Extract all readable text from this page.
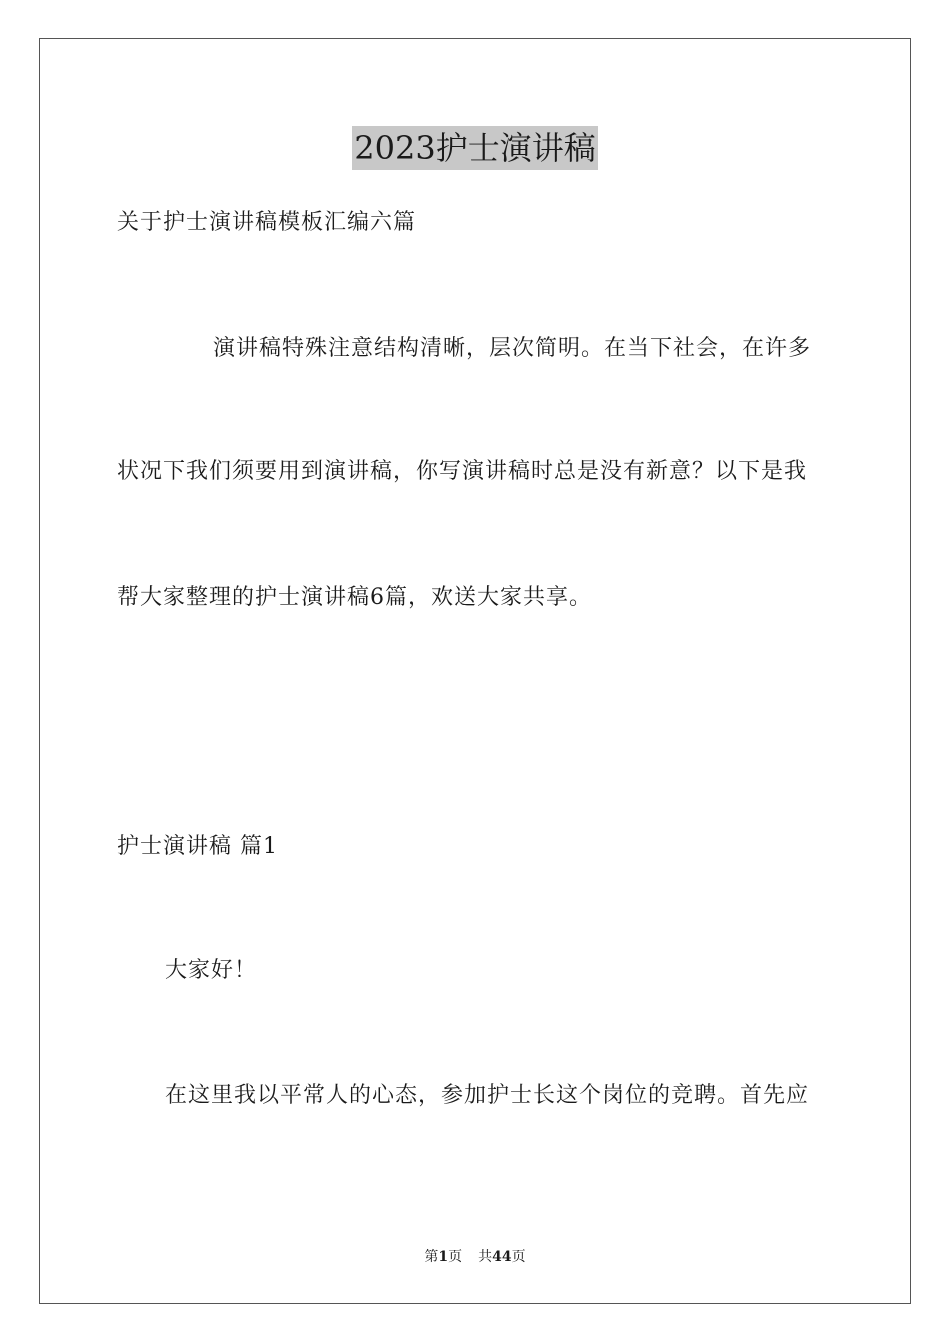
2023护士演讲稿
关于护士演讲稿模板汇编六篇
演讲稿特殊注意结构清晰，层次简明。在当下社会，在许多
状况下我们须要用到演讲稿，你写演讲稿时总是没有新意？以下是我
帮大家整理的护士演讲稿6篇，欢送大家共享。
护士演讲稿 篇1
大家好！
在这里我以平常人的心态，参加护士长这个岗位的竞聘。首先应
第1页 共44页
